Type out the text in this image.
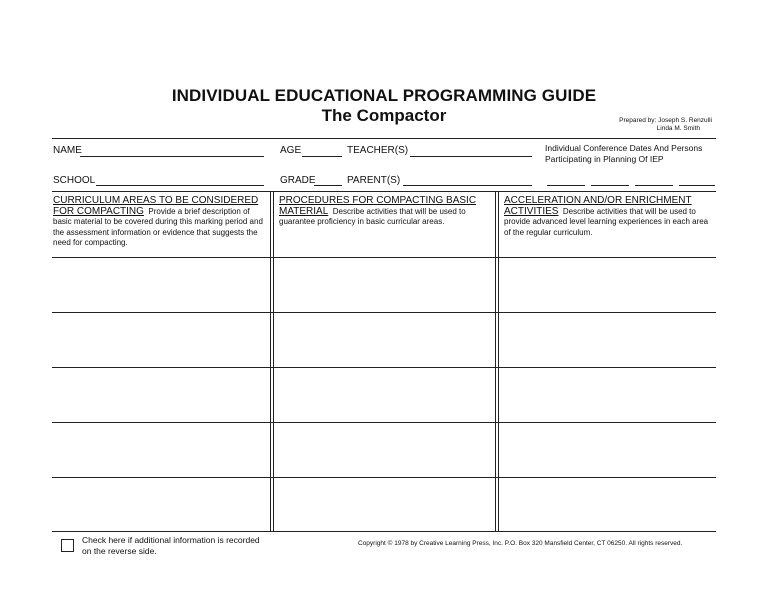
INDIVIDUAL EDUCATIONAL PROGRAMMING GUIDE
The Compactor	Prepared by: Joseph S. Renzulli
Linda M. Smith
NAME	AGE	TEACHER(S)	Individual Conference Dates And Persons
Participating in Planning Of IEP
SCHOOL	GRADE	PARENT(S)
CURRICULUM AREAS TO BE CONSIDERED
FOR COMPACTING Provide a brief description of basic material to be covered during this marking period and the assessment information or evidence that suggests the need for compacting.
PROCEDURES FOR COMPACTING BASIC
MATERIAL Describe activities that will be used to guarantee proficiency in basic curricular areas.
ACCELERATION AND/OR ENRICHMENT
ACTIVITIES Describe activities that will be used to provide advanced level learning experiences in each area of the regular curriculum.
Check here if additional information is recorded
on the reverse side.
Copyright © 1978 by Creative Learning Press, Inc. P.O. Box 320 Mansfield Center, CT 06250. All rights reserved.
